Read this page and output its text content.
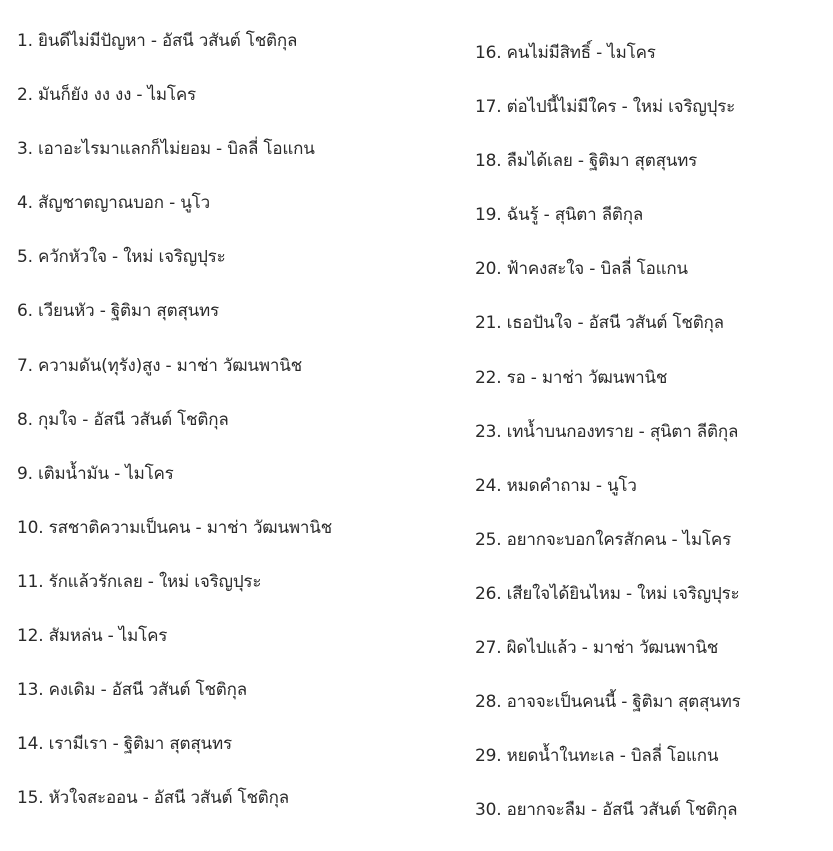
1. ยินดีไม่มีปัญหา - อัสนี วสันต์ โชติกุล
2. มันก็ยัง งง งง - ไมโคร
3. เอาอะไรมาแลกก็ไม่ยอม - บิลลี่ โอแกน
4. สัญชาตญาณบอก - นูโว
5. ควักหัวใจ - ใหม่ เจริญปุระ
6. เวียนหัว - ฐิติมา สุตสุนทร
7. ความดัน(ทุรัง)สูง - มาช่า วัฒนพานิช
8. กุมใจ - อัสนี วสันต์ โชติกุล
9. เติมน้ำมัน - ไมโคร
10. รสชาติความเป็นคน - มาช่า วัฒนพานิช
11. รักแล้วรักเลย - ใหม่ เจริญปุระ
12. สัมหล่น - ไมโคร
13. คงเดิม - อัสนี วสันต์ โชติกุล
14. เรามีเรา - ฐิติมา สุตสุนทร
15. หัวใจสะออน - อัสนี วสันต์ โชติกุล
16. คนไม่มีสิทธิ์ - ไมโคร
17. ต่อไปนี้ไม่มีใคร - ใหม่ เจริญปุระ
18. ลืมได้เลย - ฐิติมา สุตสุนทร
19. ฉันรู้ - สุนิตา ลีติกุล
20. ฟ้าคงสะใจ - บิลลี่ โอแกน
21. เธอปันใจ - อัสนี วสันต์ โชติกุล
22. รอ - มาช่า วัฒนพานิช
23. เทน้ำบนกองทราย - สุนิตา ลีติกุล
24. หมดคำถาม - นูโว
25. อยากจะบอกใครสักคน - ไมโคร
26. เสียใจได้ยินไหม - ใหม่ เจริญปุระ
27. ผิดไปแล้ว - มาช่า วัฒนพานิช
28. อาจจะเป็นคนนี้ - ฐิติมา สุตสุนทร
29. หยดน้ำในทะเล - บิลลี่ โอแกน
30. อยากจะลืม - อัสนี วสันต์ โชติกุล
